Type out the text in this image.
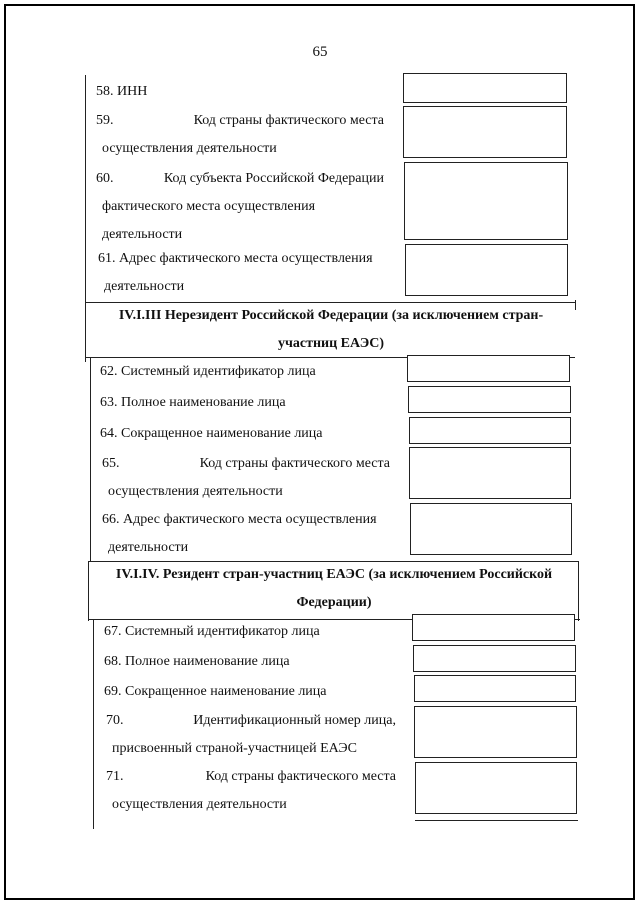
65
58. ИНН
59.	Код страны фактического места
осуществления деятельности
60.	Код субъекта Российской Федерации
фактического места осуществления
деятельности
61. Адрес фактического места осуществления
деятельности
IV.I.III Нерезидент Российской Федерации (за исключением стран-
участниц ЕАЭС)
62. Системный идентификатор лица
63. Полное наименование лица
64. Сокращенное наименование лица
65.	Код страны фактического места
осуществления деятельности
66. Адрес фактического места осуществления
деятельности
IV.I.IV. Резидент стран-участниц ЕАЭС (за исключением Российской
Федерации)
67. Системный идентификатор лица
68. Полное наименование лица
69. Сокращенное наименование лица
70.	Идентификационный номер лица,
присвоенный страной-участницей ЕАЭС
71.	Код страны фактического места
осуществления деятельности
